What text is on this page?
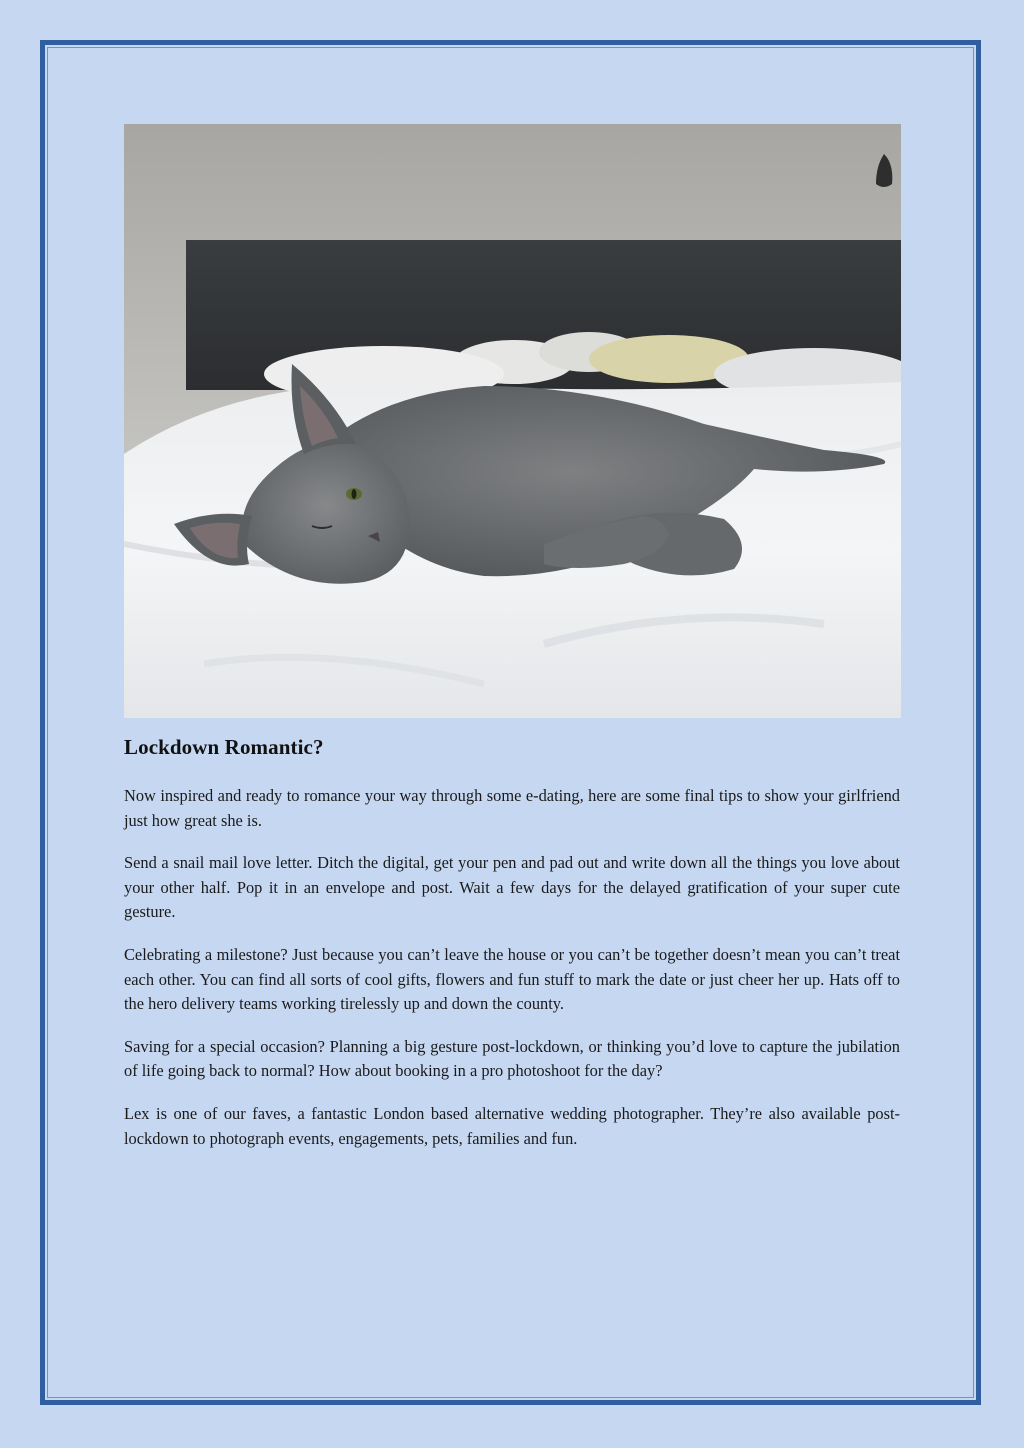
Lockdown Romantic?

Now inspired and ready to romance your way through some e-dating, here are some final tips to show your girlfriend just how great she is.

Send a snail mail love letter. Ditch the digital, get your pen and pad out and write down all the things you love about your other half. Pop it in an envelope and post. Wait a few days for the delayed gratification of your super cute gesture.

Celebrating a milestone? Just because you can’t leave the house or you can’t be together doesn’t mean you can’t treat each other. You can find all sorts of cool gifts, flowers and fun stuff to mark the date or just cheer her up. Hats off to the hero delivery teams working tirelessly up and down the county.

Saving for a special occasion? Planning a big gesture post-lockdown, or thinking you’d love to capture the jubilation of life going back to normal? How about booking in a pro photoshoot for the day?

Lex is one of our faves, a fantastic London based alternative wedding photographer. They’re also available post-lockdown to photograph events, engagements, pets, families and fun.
